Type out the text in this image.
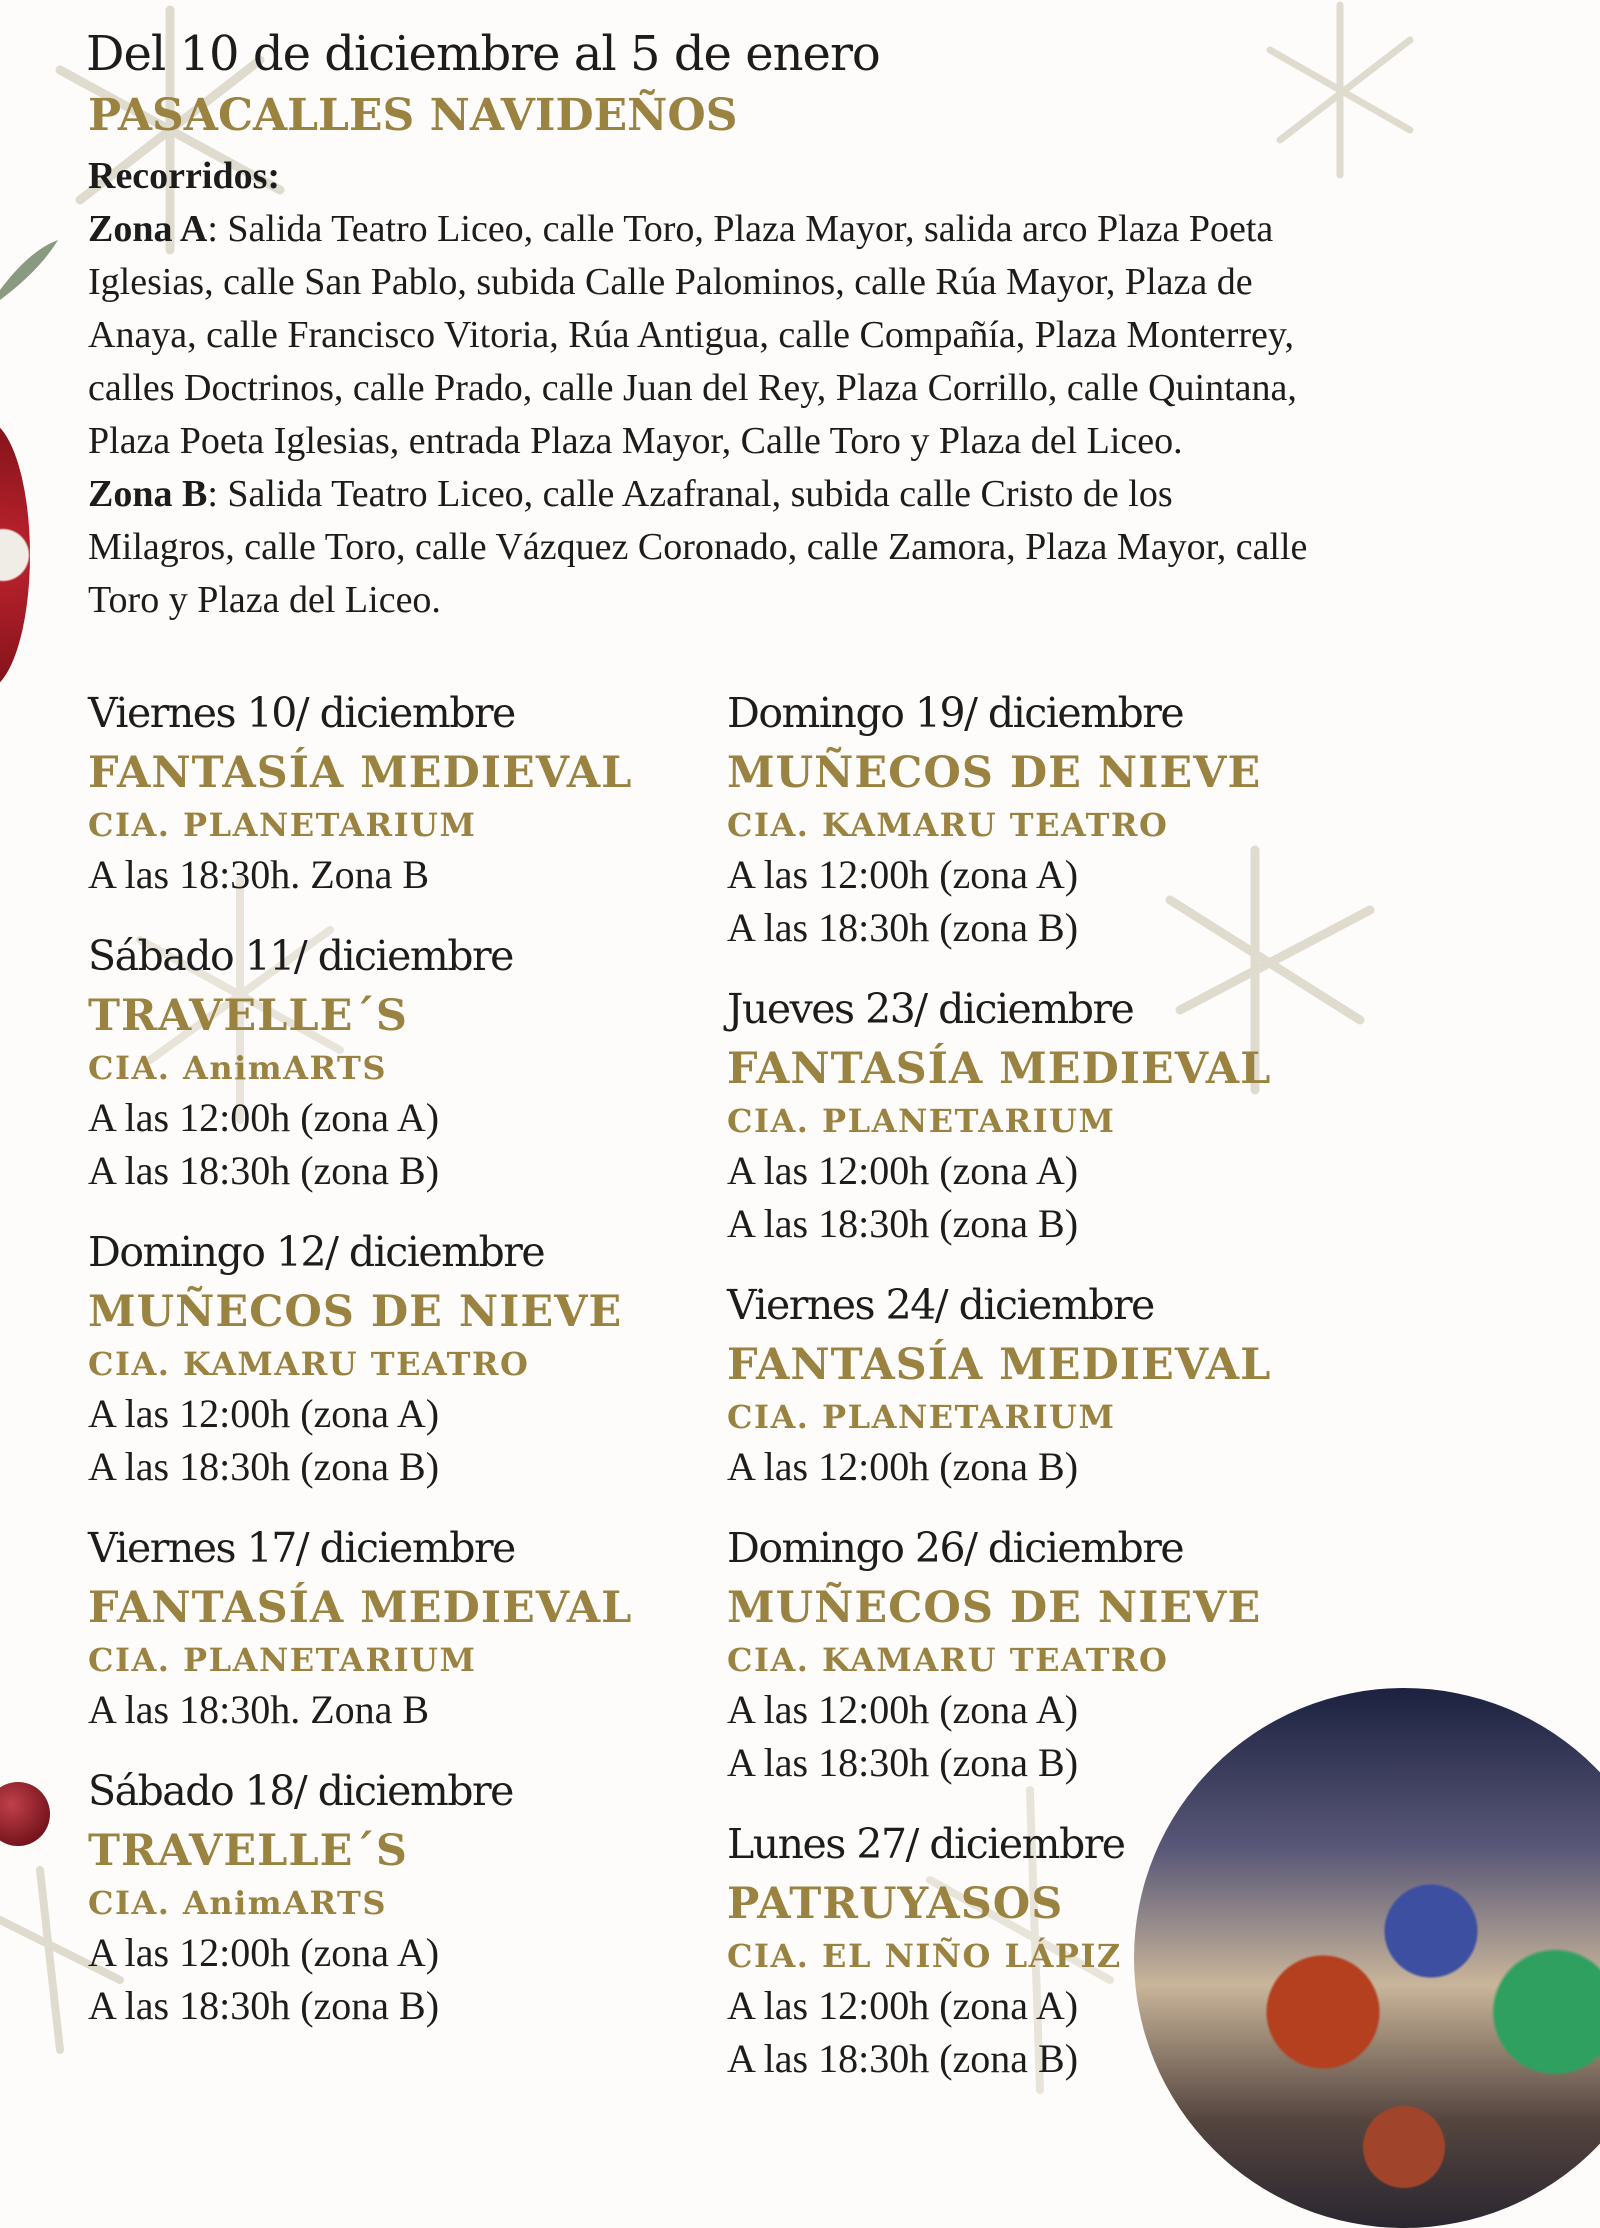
Del 10 de diciembre al 5 de enero
PASACALLES NAVIDEÑOS
Recorridos:
Zona A: Salida Teatro Liceo, calle Toro, Plaza Mayor, salida arco Plaza Poeta
Iglesias, calle San Pablo, subida Calle Palominos, calle Rúa Mayor, Plaza de
Anaya, calle Francisco Vitoria, Rúa Antigua, calle Compañía, Plaza Monterrey,
calles Doctrinos, calle Prado, calle Juan del Rey, Plaza Corrillo, calle Quintana,
Plaza Poeta Iglesias, entrada Plaza Mayor, Calle Toro y Plaza del Liceo.
Zona B: Salida Teatro Liceo, calle Azafranal, subida calle Cristo de los
Milagros, calle Toro, calle Vázquez Coronado, calle Zamora, Plaza Mayor, calle
Toro y Plaza del Liceo.
Viernes 10/ diciembre
FANTASÍA MEDIEVAL
CIA. PLANETARIUM
A las 18:30h. Zona B
Sábado 11/ diciembre
TRAVELLE´S
CIA. AnimARTS
A las 12:00h (zona A)
A las 18:30h (zona B)
Domingo 12/ diciembre
MUÑECOS DE NIEVE
CIA. KAMARU TEATRO
A las 12:00h (zona A)
A las 18:30h (zona B)
Viernes 17/ diciembre
FANTASÍA MEDIEVAL
CIA. PLANETARIUM
A las 18:30h. Zona B
Sábado 18/ diciembre
TRAVELLE´S
CIA. AnimARTS
A las 12:00h (zona A)
A las 18:30h (zona B)
Domingo 19/ diciembre
MUÑECOS DE NIEVE
CIA. KAMARU TEATRO
A las 12:00h (zona A)
A las 18:30h (zona B)
Jueves 23/ diciembre
FANTASÍA MEDIEVAL
CIA. PLANETARIUM
A las 12:00h (zona A)
A las 18:30h (zona B)
Viernes 24/ diciembre
FANTASÍA MEDIEVAL
CIA. PLANETARIUM
A las 12:00h (zona B)
Domingo 26/ diciembre
MUÑECOS DE NIEVE
CIA. KAMARU TEATRO
A las 12:00h (zona A)
A las 18:30h (zona B)
Lunes 27/ diciembre
PATRUYASOS
CIA. EL NIÑO LÁPIZ
A las 12:00h (zona A)
A las 18:30h (zona B)
